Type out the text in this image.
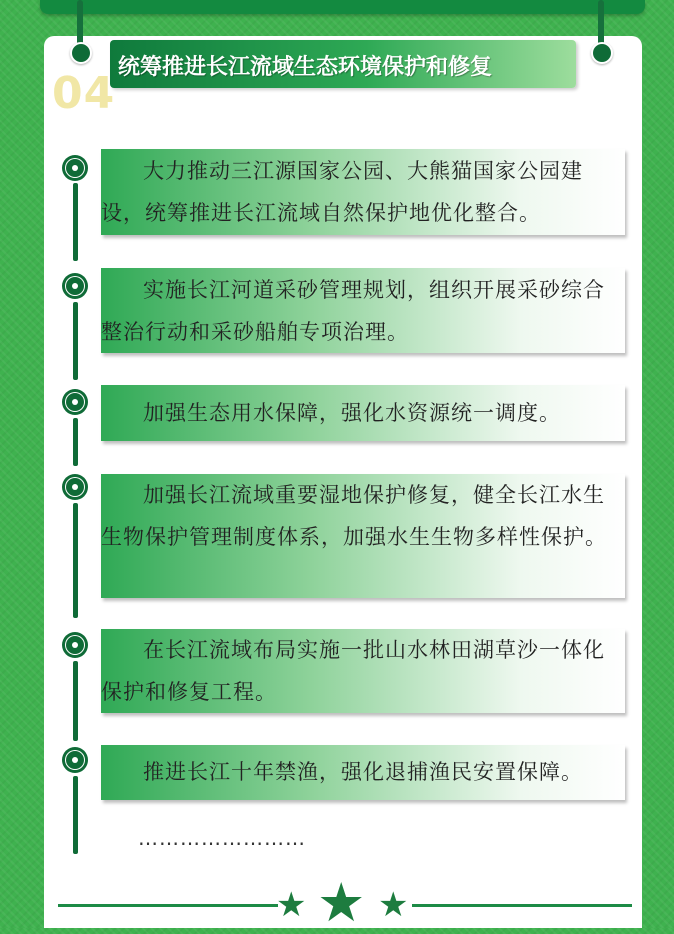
04
统筹推进长江流域生态环境保护和修复

大力推动三江源国家公园、大熊猫国家公园建设，统筹推进长江流域自然保护地优化整合。

实施长江河道采砂管理规划，组织开展采砂综合整治行动和采砂船舶专项治理。

加强生态用水保障，强化水资源统一调度。

加强长江流域重要湿地保护修复，健全长江水生生物保护管理制度体系，加强水生生物多样性保护。

在长江流域布局实施一批山水林田湖草沙一体化保护和修复工程。

推进长江十年禁渔，强化退捕渔民安置保障。

……………………
★ ★ ★
